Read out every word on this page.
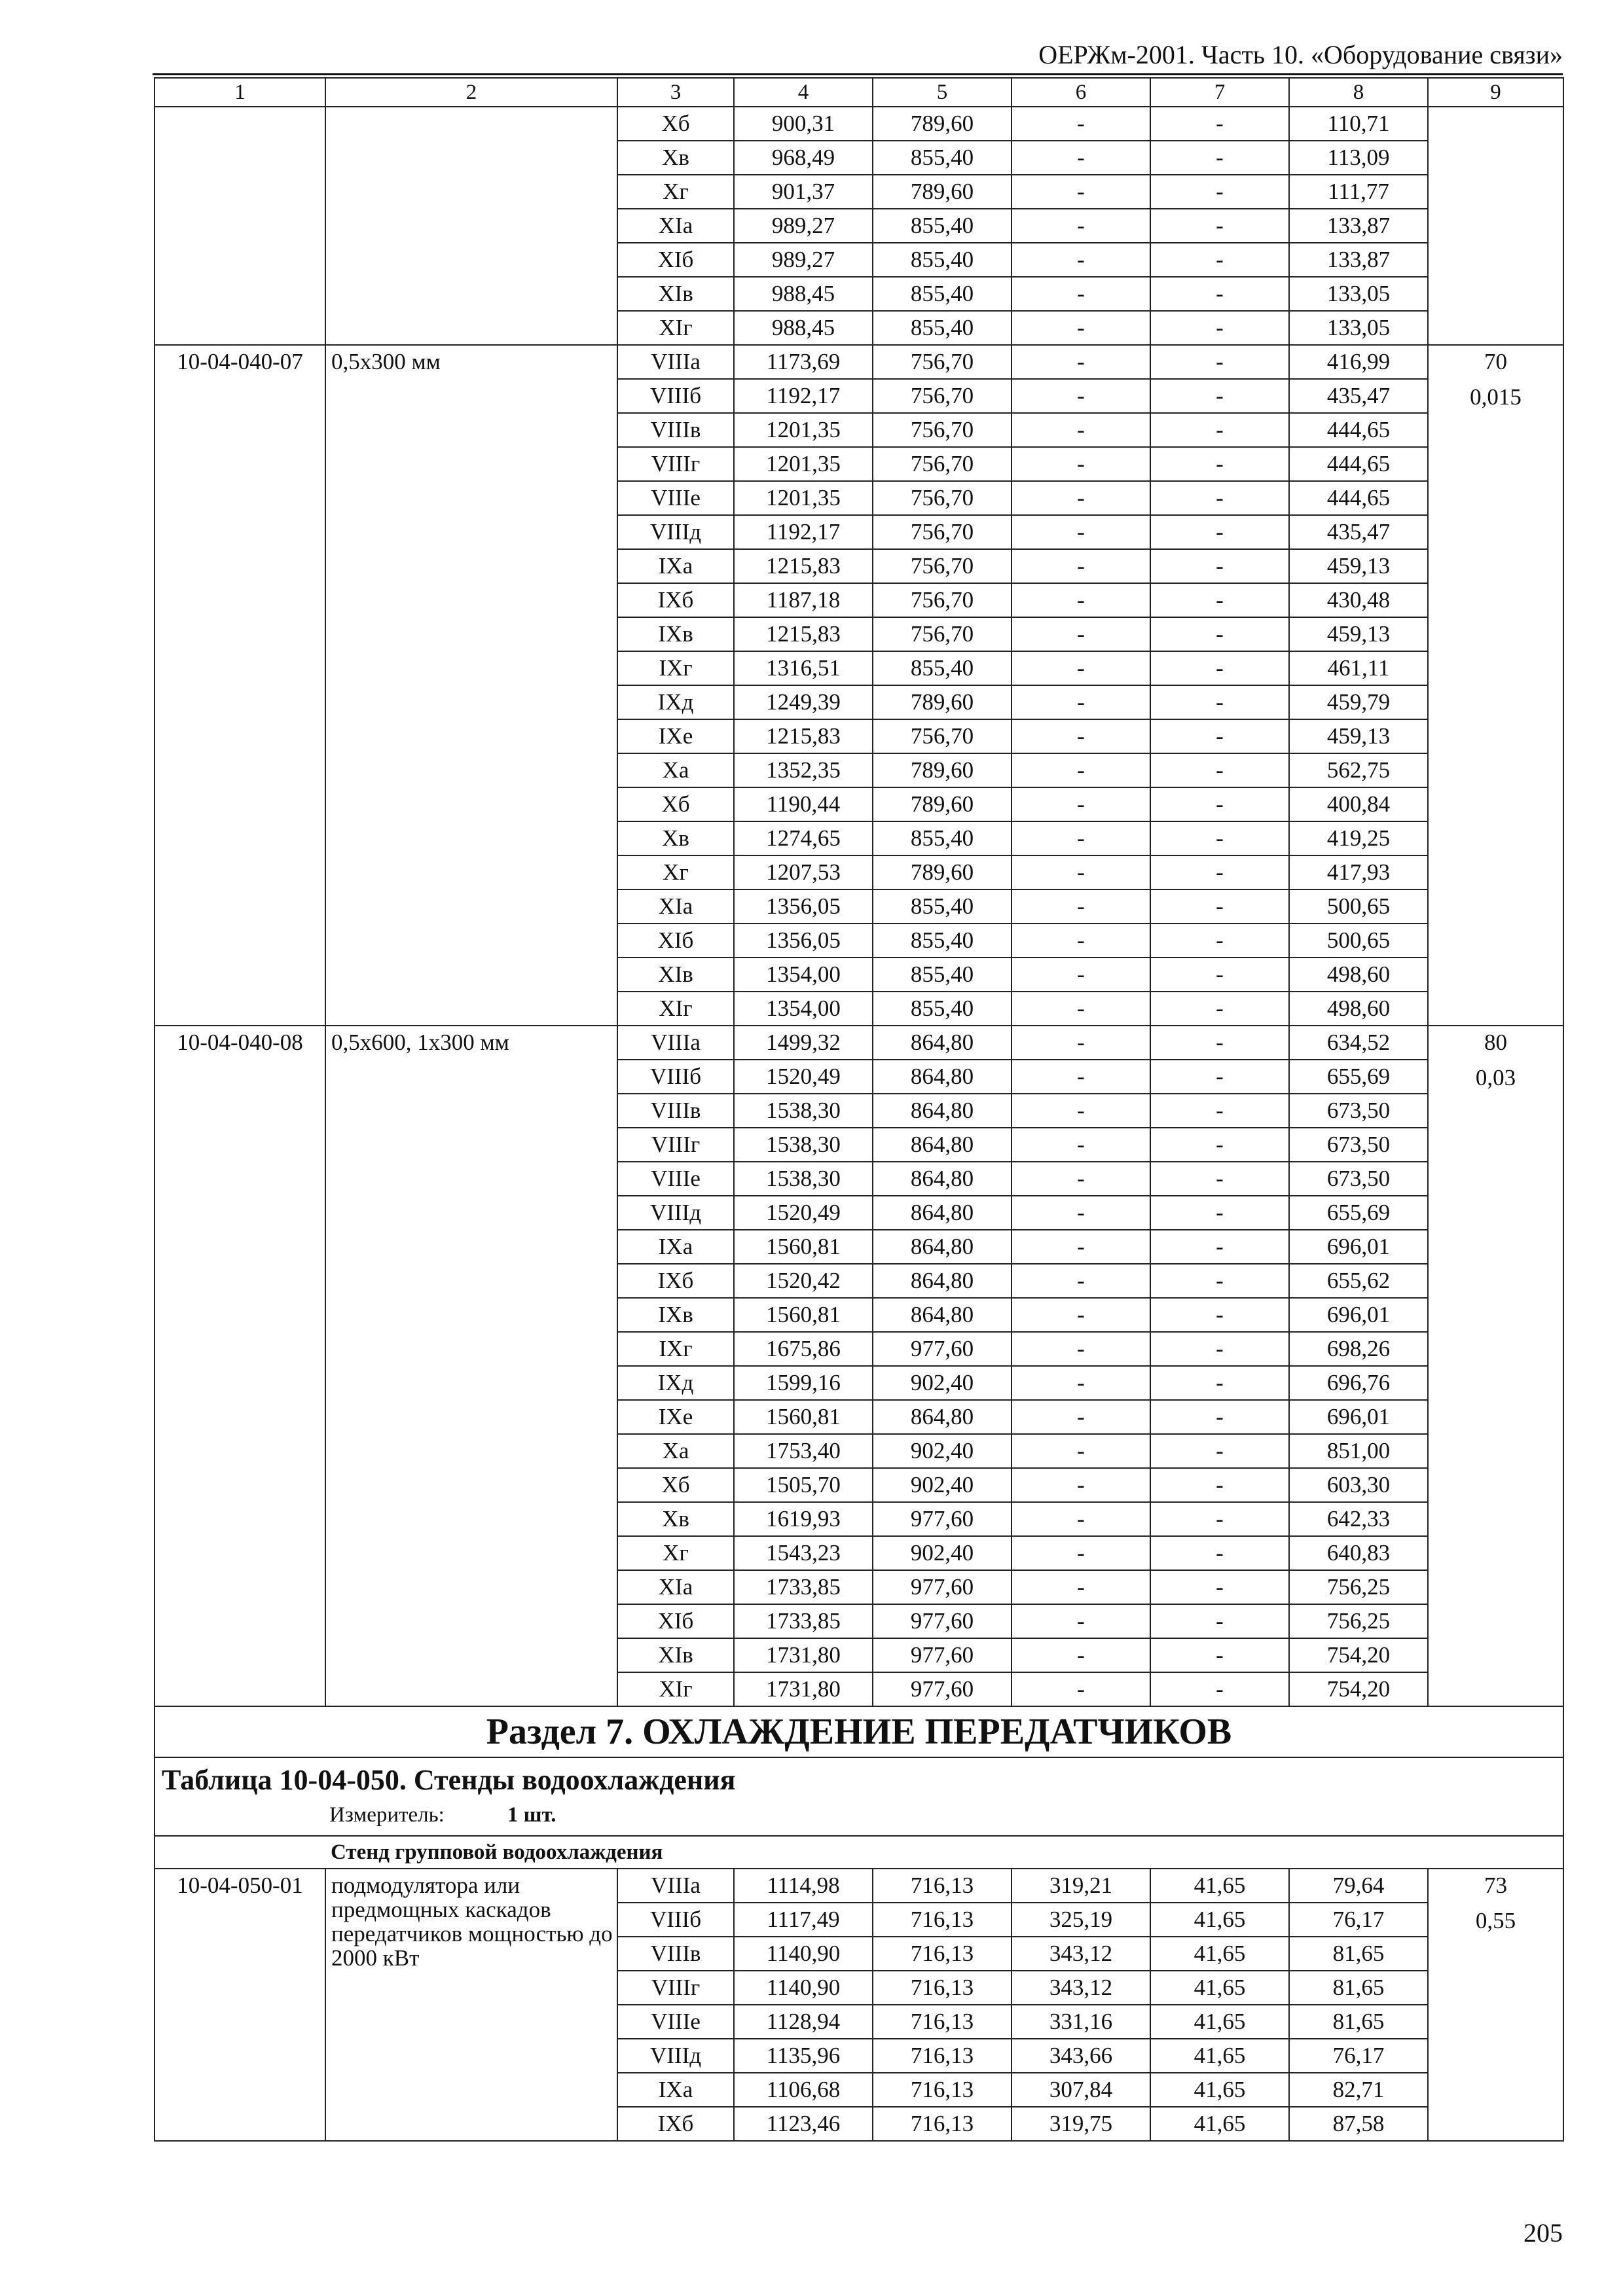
ОЕРЖм-2001. Часть 10. «Оборудование связи»
1	2	3	4	5	6	7	8	9
		Хб	900,31	789,60	-	-	110,71	
		Хв	968,49	855,40	-	-	113,09	
		Хг	901,37	789,60	-	-	111,77	
		XIа	989,27	855,40	-	-	133,87	
		XIб	989,27	855,40	-	-	133,87	
		XIв	988,45	855,40	-	-	133,05	
		XIг	988,45	855,40	-	-	133,05	
10-04-040-07	0,5х300 мм	VIIIа	1173,69	756,70	-	-	416,99	70
0,015

		VIIIб	1192,17	756,70	-	-	435,47	
		VIIIв	1201,35	756,70	-	-	444,65	
		VIIIг	1201,35	756,70	-	-	444,65	
		VIIIе	1201,35	756,70	-	-	444,65	
		VIIIд	1192,17	756,70	-	-	435,47	
		IXа	1215,83	756,70	-	-	459,13	
		IXб	1187,18	756,70	-	-	430,48	
		IXв	1215,83	756,70	-	-	459,13	
		IXг	1316,51	855,40	-	-	461,11	
		IXд	1249,39	789,60	-	-	459,79	
		IXе	1215,83	756,70	-	-	459,13	
		Ха	1352,35	789,60	-	-	562,75	
		Хб	1190,44	789,60	-	-	400,84	
		Хв	1274,65	855,40	-	-	419,25	
		Хг	1207,53	789,60	-	-	417,93	
		XIа	1356,05	855,40	-	-	500,65	
		XIб	1356,05	855,40	-	-	500,65	
		XIв	1354,00	855,40	-	-	498,60	
		XIг	1354,00	855,40	-	-	498,60	
10-04-040-08	0,5х600, 1х300 мм	VIIIа	1499,32	864,80	-	-	634,52	80
0,03

		VIIIб	1520,49	864,80	-	-	655,69	
		VIIIв	1538,30	864,80	-	-	673,50	
		VIIIг	1538,30	864,80	-	-	673,50	
		VIIIе	1538,30	864,80	-	-	673,50	
		VIIIд	1520,49	864,80	-	-	655,69	
		IXа	1560,81	864,80	-	-	696,01	
		IXб	1520,42	864,80	-	-	655,62	
		IXв	1560,81	864,80	-	-	696,01	
		IXг	1675,86	977,60	-	-	698,26	
		IXд	1599,16	902,40	-	-	696,76	
		IXе	1560,81	864,80	-	-	696,01	
		Ха	1753,40	902,40	-	-	851,00	
		Хб	1505,70	902,40	-	-	603,30	
		Хв	1619,93	977,60	-	-	642,33	
		Хг	1543,23	902,40	-	-	640,83	
		XIа	1733,85	977,60	-	-	756,25	
		XIб	1733,85	977,60	-	-	756,25	
		XIв	1731,80	977,60	-	-	754,20	
		XIг	1731,80	977,60	-	-	754,20	
Раздел 7. ОХЛАЖДЕНИЕ ПЕРЕДАТЧИКОВ								

Таблица 10-04-050. Стенды водоохлаждения
Измеритель: 1 шт.								

Стенд групповой водоохлаждения								
10-04-050-01	подмодулятора или предмощных каскадов передатчиков мощностью до 2000 кВт	VIIIа	1114,98	716,13	319,21	41,65	79,64	73
0,55

		VIIIб	1117,49	716,13	325,19	41,65	76,17	
		VIIIв	1140,90	716,13	343,12	41,65	81,65	
		VIIIг	1140,90	716,13	343,12	41,65	81,65	
		VIIIе	1128,94	716,13	331,16	41,65	81,65	
		VIIIд	1135,96	716,13	343,66	41,65	76,17	
		IXа	1106,68	716,13	307,84	41,65	82,71	
		IXб	1123,46	716,13	319,75	41,65	87,58	
205
